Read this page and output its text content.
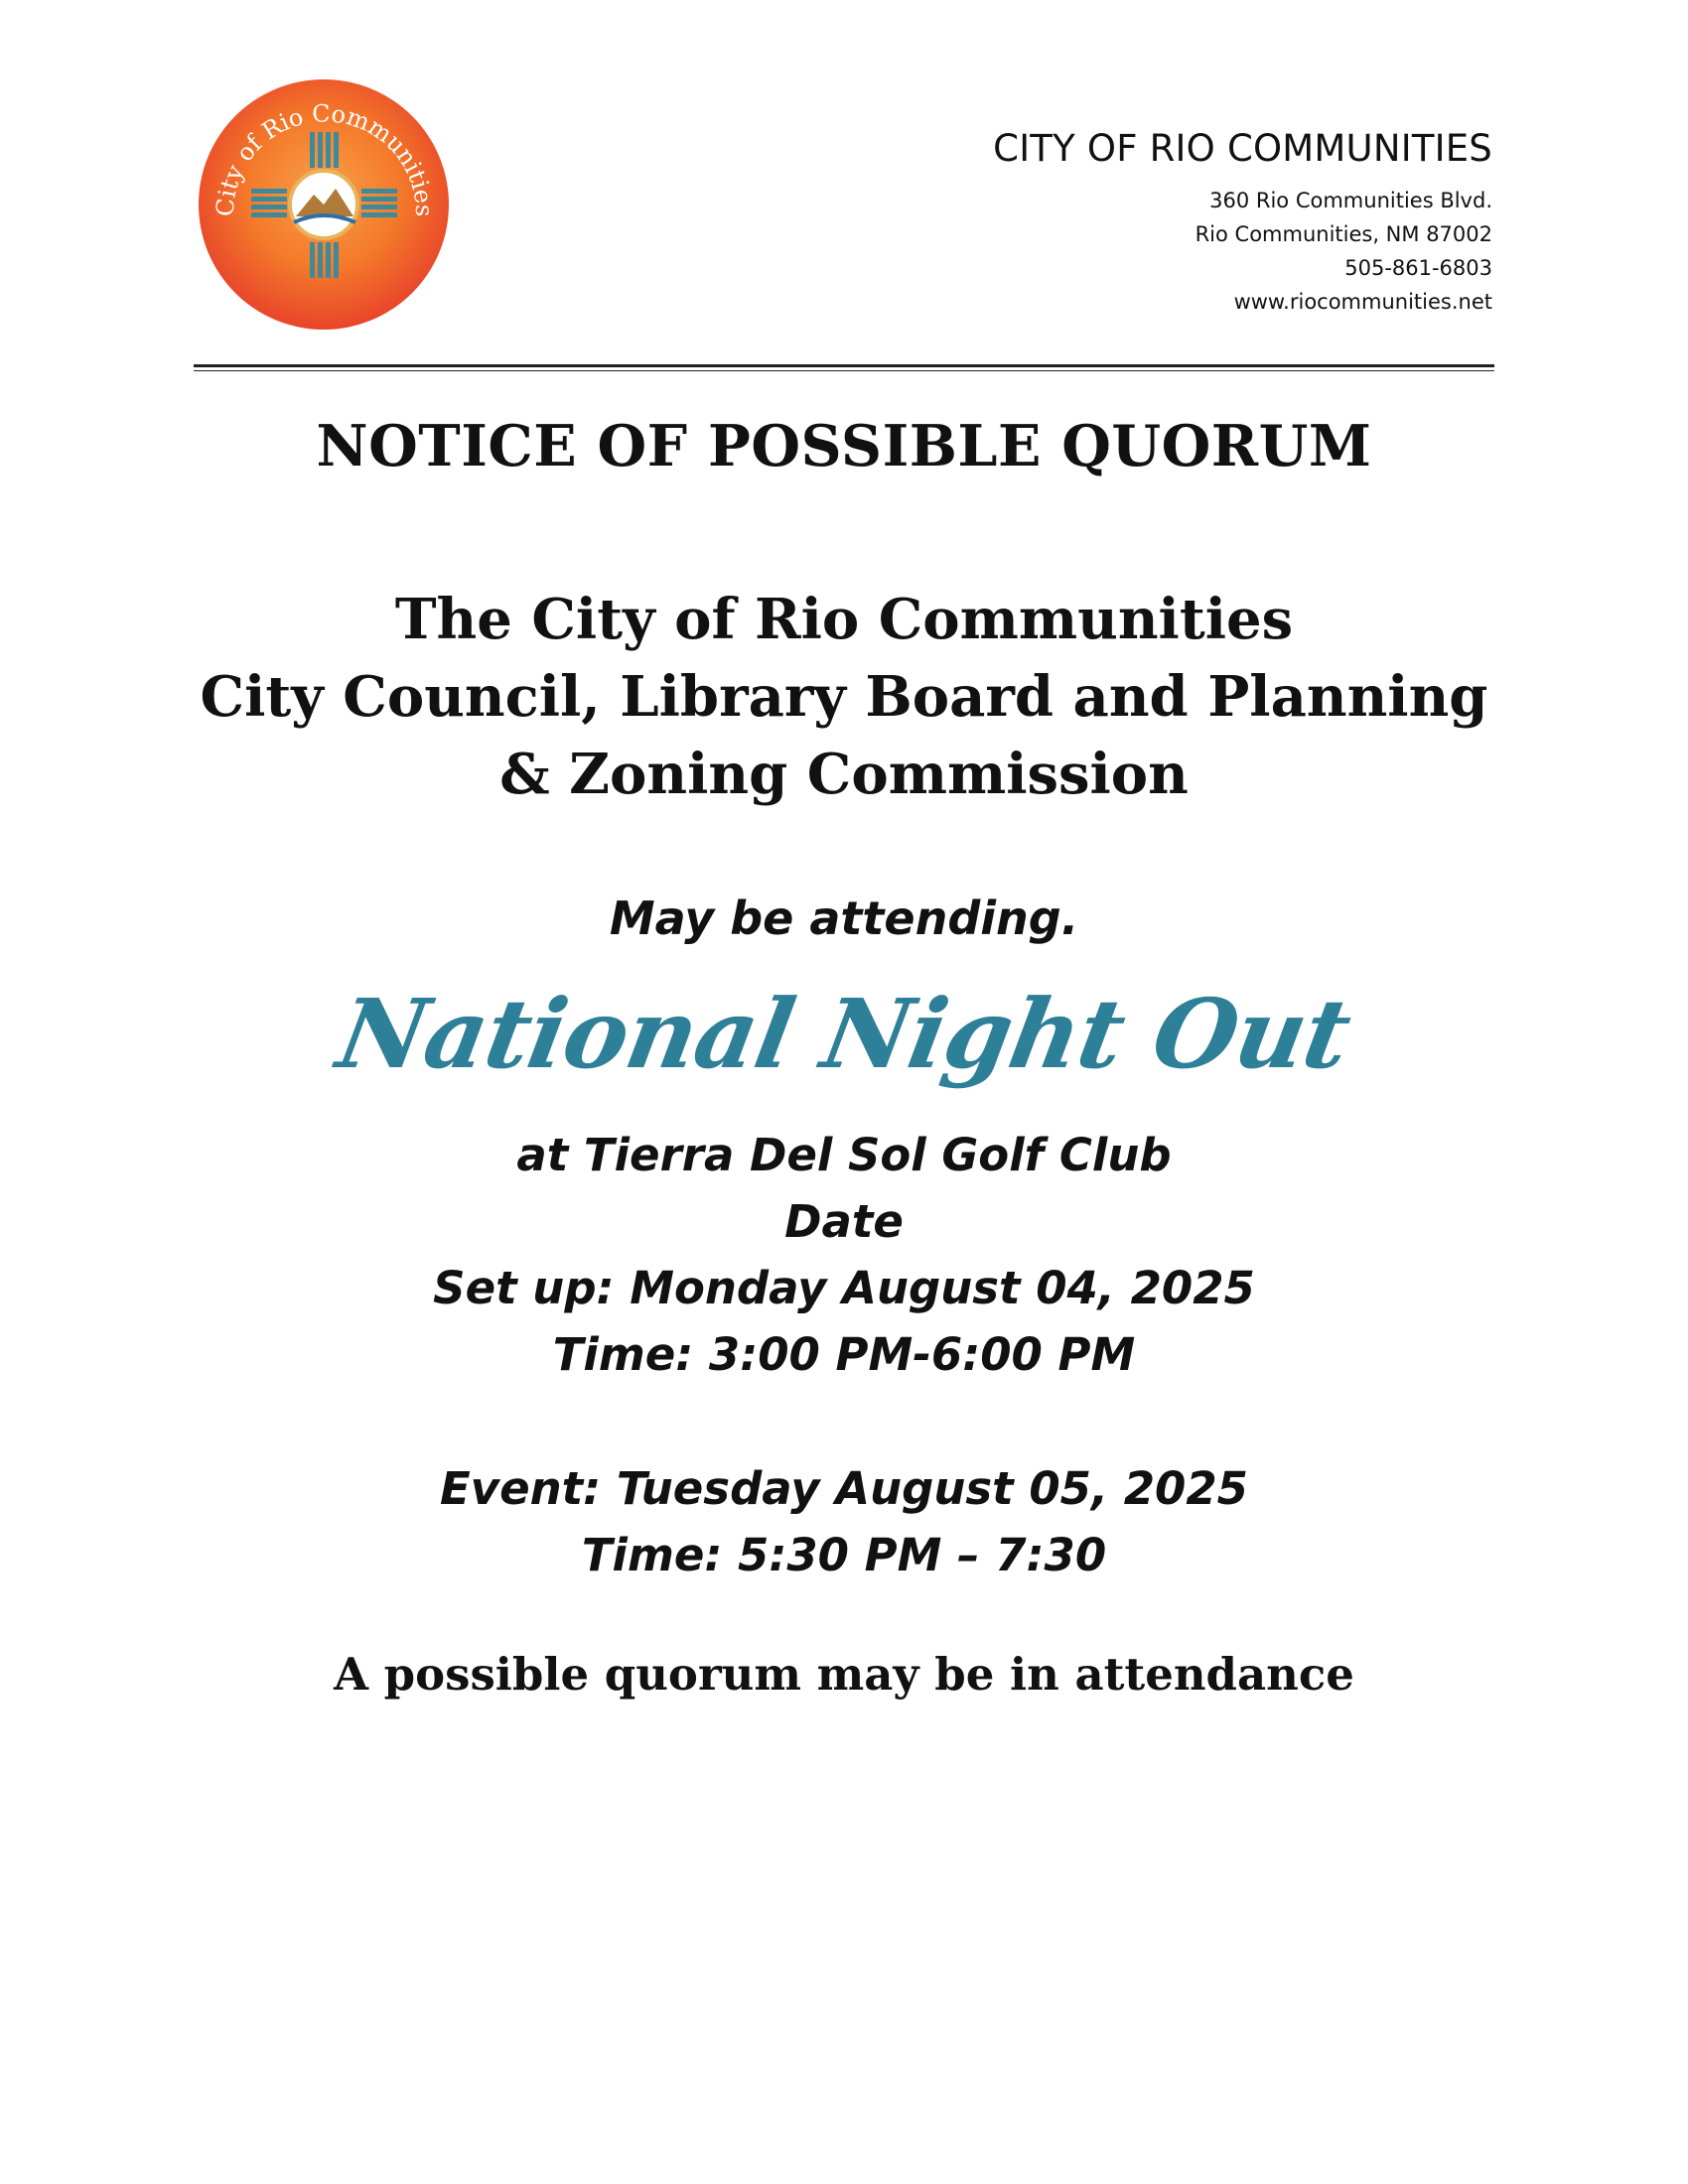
City of Rio Communities
CITY OF RIO COMMUNITIES
360 Rio Communities Blvd.
Rio Communities, NM 87002
505-861-6803
www.riocommunities.net
NOTICE OF POSSIBLE QUORUM
The City of Rio Communities
City Council, Library Board and Planning
& Zoning Commission
May be attending.
National Night Out
at Tierra Del Sol Golf Club
Date
Set up: Monday August 04, 2025
Time: 3:00 PM-6:00 PM
Event: Tuesday August 05, 2025
Time: 5:30 PM – 7:30
A possible quorum may be in attendance
